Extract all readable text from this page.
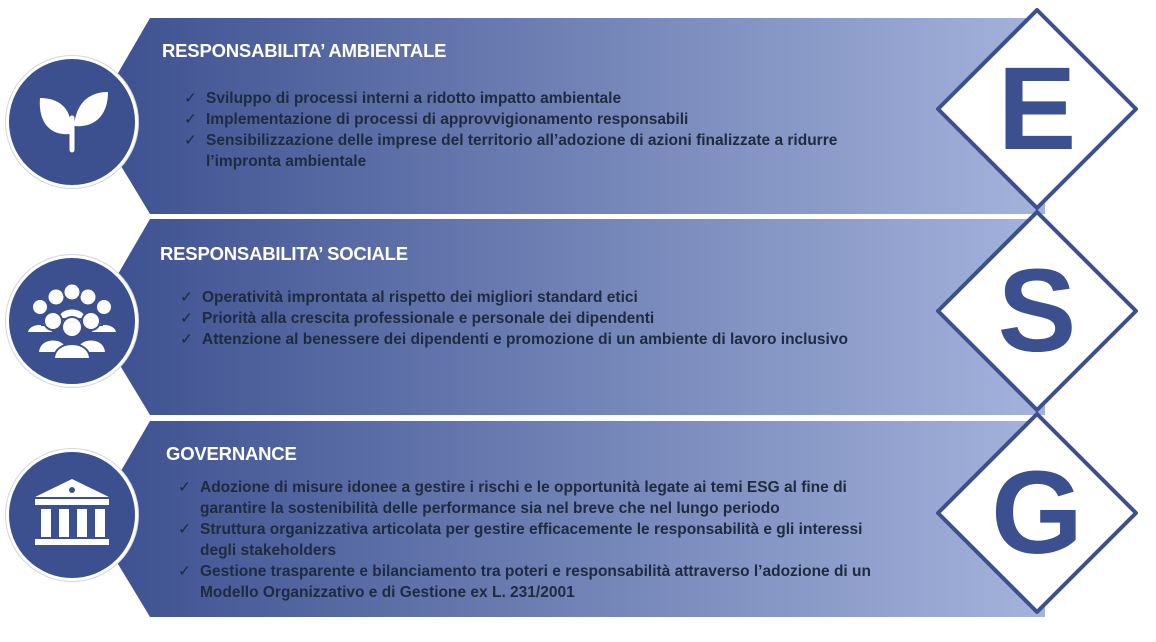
RESPONSABILITA’ AMBIENTALE
✓ Sviluppo di processi interni a ridotto impatto ambientale
✓ Implementazione di processi di approvvigionamento responsabili
✓ Sensibilizzazione delle imprese del territorio all’adozione di azioni finalizzate a ridurre l’impronta ambientale
RESPONSABILITA’ SOCIALE
✓ Operatività improntata al rispetto dei migliori standard etici
✓ Priorità alla crescita professionale e personale dei dipendenti
✓ Attenzione al benessere dei dipendenti e promozione di un ambiente di lavoro inclusivo
GOVERNANCE
✓ Adozione di misure idonee a gestire i rischi e le opportunità legate ai temi ESG al fine di garantire la sostenibilità delle performance sia nel breve che nel lungo periodo
✓ Struttura organizzativa articolata per gestire efficacemente le responsabilità e gli interessi degli stakeholders
✓ Gestione trasparente e bilanciamento tra poteri e responsabilità attraverso l’adozione di un Modello Organizzativo e di Gestione ex L. 231/2001
E
S
G
